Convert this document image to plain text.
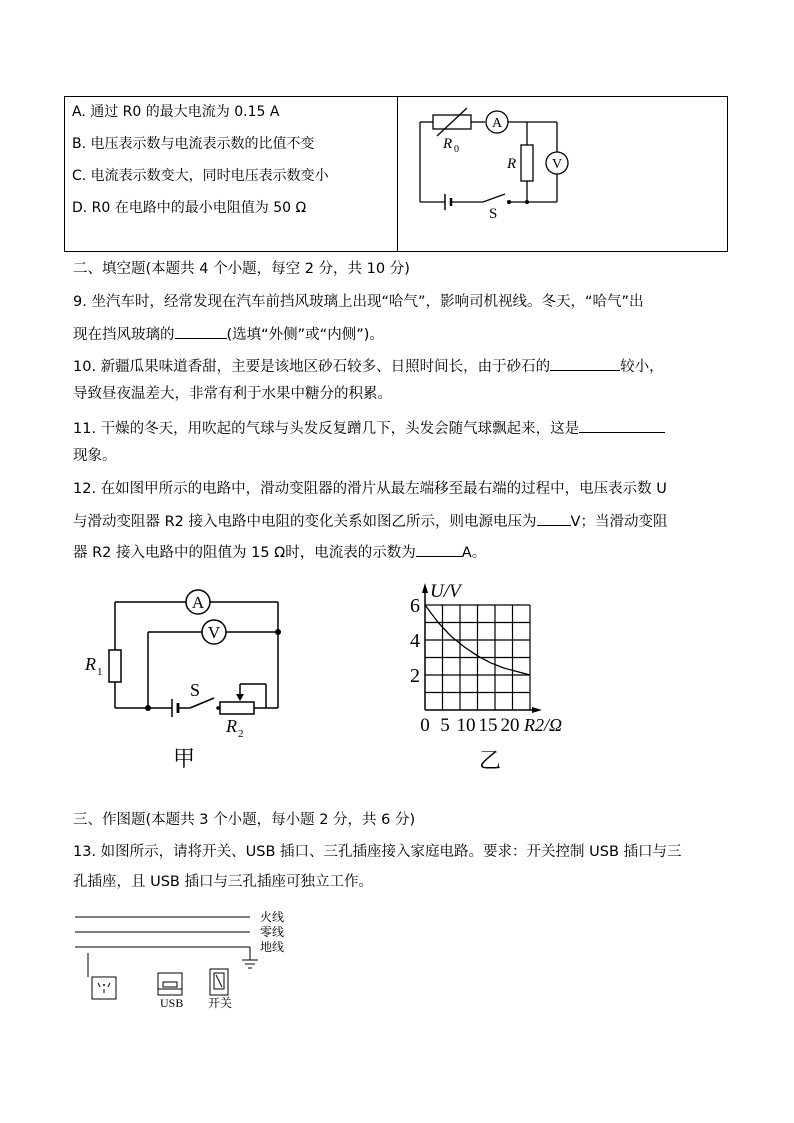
A. 通过 R0 的最大电流为 0.15 A
B. 电压表示数与电流表示数的比值不变
C. 电流表示数变大，同时电压表示数变小
D. R0 在电路中的最小电阻值为 50 Ω
R 0
A
R	V
S
二、填空题(本题共 4 个小题，每空 2 分，共 10 分)
9. 坐汽车时，经常发现在汽车前挡风玻璃上出现“哈气”，影响司机视线。冬天，“哈气”出
现在挡风玻璃的	(选填“外侧”或“内侧”)。
10. 新疆瓜果味道香甜，主要是该地区砂石较多、日照时间长，由于砂石的	较小，
导致昼夜温差大，非常有利于水果中糖分的积累。
11. 干燥的冬天，用吹起的气球与头发反复蹭几下，头发会随气球飘起来，这是
现象。
12. 在如图甲所示的电路中，滑动变阻器的滑片从最左端移至最右端的过程中，电压表示数 U
与滑动变阻器 R2 接入电路中电阻的变化关系如图乙所示，则电源电压为 V；当滑动变阻
器 R2 接入电路中的阻值为 15 Ω时，电流表的示数为	A。
A
V
R 1
S
R 2
甲
2
4
6
0 5 10 15 20
U/V
R2/Ω
乙
三、作图题(本题共 3 个小题，每小题 2 分，共 6 分)
13. 如图所示，请将开关、USB 插口、三孔插座接入家庭电路。要求：开关控制 USB 插口与三
孔插座，且 USB 插口与三孔插座可独立工作。
火线
零线
地线
USB 开关
